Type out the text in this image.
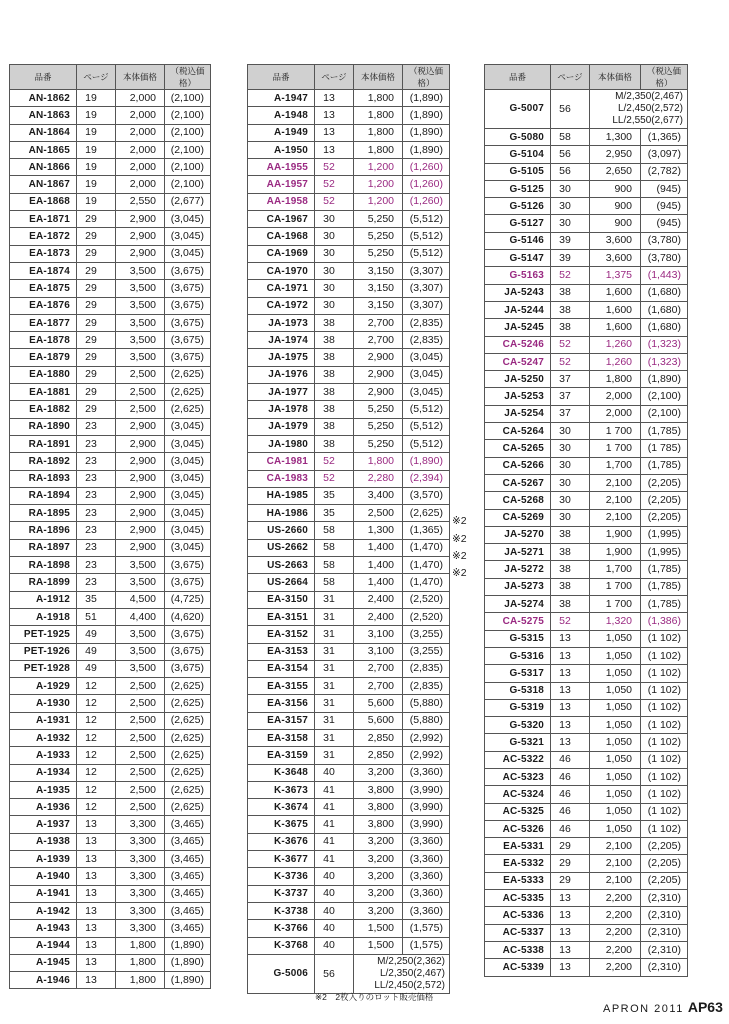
品番	ページ	本体価格	（税込価格）
AN-1862	19	2,000	(2,100)
AN-1863	19	2,000	(2,100)
AN-1864	19	2,000	(2,100)
AN-1865	19	2,000	(2,100)
AN-1866	19	2,000	(2,100)
AN-1867	19	2,000	(2,100)
EA-1868	19	2,550	(2,677)
EA-1871	29	2,900	(3,045)
EA-1872	29	2,900	(3,045)
EA-1873	29	2,900	(3,045)
EA-1874	29	3,500	(3,675)
EA-1875	29	3,500	(3,675)
EA-1876	29	3,500	(3,675)
EA-1877	29	3,500	(3,675)
EA-1878	29	3,500	(3,675)
EA-1879	29	3,500	(3,675)
EA-1880	29	2,500	(2,625)
EA-1881	29	2,500	(2,625)
EA-1882	29	2,500	(2,625)
RA-1890	23	2,900	(3,045)
RA-1891	23	2,900	(3,045)
RA-1892	23	2,900	(3,045)
RA-1893	23	2,900	(3,045)
RA-1894	23	2,900	(3,045)
RA-1895	23	2,900	(3,045)
RA-1896	23	2,900	(3,045)
RA-1897	23	2,900	(3,045)
RA-1898	23	3,500	(3,675)
RA-1899	23	3,500	(3,675)
A-1912	35	4,500	(4,725)
A-1918	51	4,400	(4,620)
PET-1925	49	3,500	(3,675)
PET-1926	49	3,500	(3,675)
PET-1928	49	3,500	(3,675)
A-1929	12	2,500	(2,625)
A-1930	12	2,500	(2,625)
A-1931	12	2,500	(2,625)
A-1932	12	2,500	(2,625)
A-1933	12	2,500	(2,625)
A-1934	12	2,500	(2,625)
A-1935	12	2,500	(2,625)
A-1936	12	2,500	(2,625)
A-1937	13	3,300	(3,465)
A-1938	13	3,300	(3,465)
A-1939	13	3,300	(3,465)
A-1940	13	3,300	(3,465)
A-1941	13	3,300	(3,465)
A-1942	13	3,300	(3,465)
A-1943	13	3,300	(3,465)
A-1944	13	1,800	(1,890)
A-1945	13	1,800	(1,890)
A-1946	13	1,800	(1,890)
品番	ページ	本体価格	（税込価格）
A-1947	13	1,800	(1,890)
A-1948	13	1,800	(1,890)
A-1949	13	1,800	(1,890)
A-1950	13	1,800	(1,890)
AA-1955	52	1,200	(1,260)
AA-1957	52	1,200	(1,260)
AA-1958	52	1,200	(1,260)
CA-1967	30	5,250	(5,512)
CA-1968	30	5,250	(5,512)
CA-1969	30	5,250	(5,512)
CA-1970	30	3,150	(3,307)
CA-1971	30	3,150	(3,307)
CA-1972	30	3,150	(3,307)
JA-1973	38	2,700	(2,835)
JA-1974	38	2,700	(2,835)
JA-1975	38	2,900	(3,045)
JA-1976	38	2,900	(3,045)
JA-1977	38	2,900	(3,045)
JA-1978	38	5,250	(5,512)
JA-1979	38	5,250	(5,512)
JA-1980	38	5,250	(5,512)
CA-1981	52	1,800	(1,890)
CA-1983	52	2,280	(2,394)
HA-1985	35	3,400	(3,570)
HA-1986	35	2,500	(2,625)
US-2660	58	1,300	(1,365)
US-2662	58	1,400	(1,470)
US-2663	58	1,400	(1,470)
US-2664	58	1,400	(1,470)
EA-3150	31	2,400	(2,520)
EA-3151	31	2,400	(2,520)
EA-3152	31	3,100	(3,255)
EA-3153	31	3,100	(3,255)
EA-3154	31	2,700	(2,835)
EA-3155	31	2,700	(2,835)
EA-3156	31	5,600	(5,880)
EA-3157	31	5,600	(5,880)
EA-3158	31	2,850	(2,992)
EA-3159	31	2,850	(2,992)
K-3648	40	3,200	(3,360)
K-3673	41	3,800	(3,990)
K-3674	41	3,800	(3,990)
K-3675	41	3,800	(3,990)
K-3676	41	3,200	(3,360)
K-3677	41	3,200	(3,360)
K-3736	40	3,200	(3,360)
K-3737	40	3,200	(3,360)
K-3738	40	3,200	(3,360)
K-3766	40	1,500	(1,575)
K-3768	40	1,500	(1,575)
G-5006	56	M/2,250(2,362)
L/2,350(2,467)
LL/2,450(2,572)	
品番	ページ	本体価格	（税込価格）
G-5007	56	M/2,350(2,467)
L/2,450(2,572)
LL/2,550(2,677)	

G-5080	58	1,300	(1,365)
G-5104	56	2,950	(3,097)
G-5105	56	2,650	(2,782)
G-5125	30	900	(945)
G-5126	30	900	(945)
G-5127	30	900	(945)
G-5146	39	3,600	(3,780)
G-5147	39	3,600	(3,780)
G-5163	52	1,375	(1,443)
JA-5243	38	1,600	(1,680)
JA-5244	38	1,600	(1,680)
JA-5245	38	1,600	(1,680)
CA-5246	52	1,260	(1,323)
CA-5247	52	1,260	(1,323)
JA-5250	37	1,800	(1,890)
JA-5253	37	2,000	(2,100)
JA-5254	37	2,000	(2,100)
CA-5264	30	1 700	(1,785)
CA-5265	30	1 700	(1 785)
CA-5266	30	1,700	(1,785)
CA-5267	30	2,100	(2,205)
CA-5268	30	2,100	(2,205)
CA-5269	30	2,100	(2,205)
JA-5270	38	1,900	(1,995)
JA-5271	38	1,900	(1,995)
JA-5272	38	1,700	(1,785)
JA-5273	38	1 700	(1,785)
JA-5274	38	1 700	(1,785)
CA-5275	52	1,320	(1,386)
G-5315	13	1,050	(1 102)
G-5316	13	1,050	(1 102)
G-5317	13	1,050	(1 102)
G-5318	13	1,050	(1 102)
G-5319	13	1,050	(1 102)
G-5320	13	1,050	(1 102)
G-5321	13	1,050	(1 102)
AC-5322	46	1,050	(1 102)
AC-5323	46	1,050	(1 102)
AC-5324	46	1,050	(1 102)
AC-5325	46	1,050	(1 102)
AC-5326	46	1,050	(1 102)
EA-5331	29	2,100	(2,205)
EA-5332	29	2,100	(2,205)
EA-5333	29	2,100	(2,205)
AC-5335	13	2,200	(2,310)
AC-5336	13	2,200	(2,310)
AC-5337	13	2,200	(2,310)
AC-5338	13	2,200	(2,310)
AC-5339	13	2,200	(2,310)
※2　2枚入りのロット販売価格
APRON 2011 AP63
※2
※2
※2
※2
